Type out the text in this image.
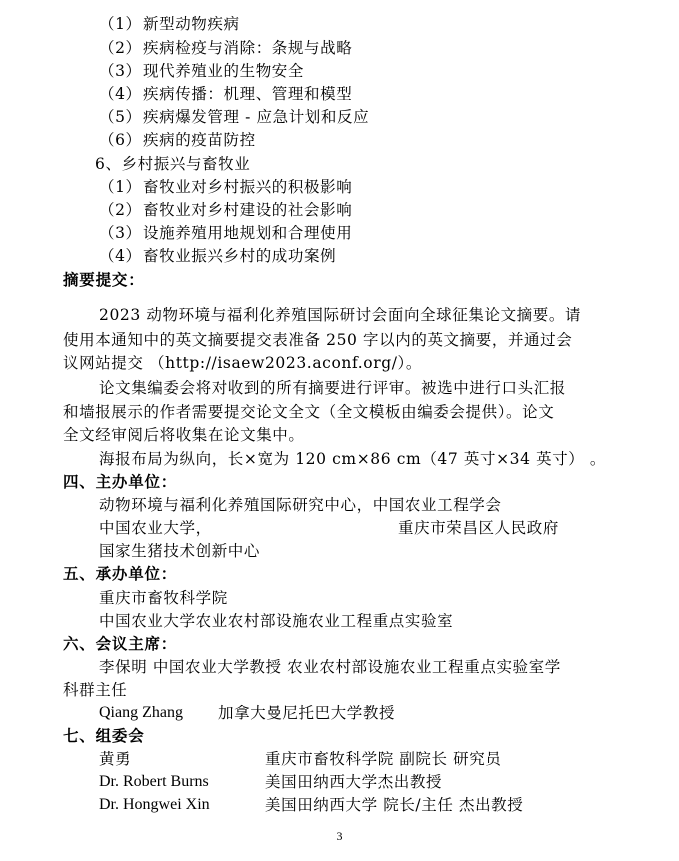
（1）新型动物疾病
（2）疾病检疫与消除：条规与战略
（3）现代养殖业的生物安全
（4）疾病传播：机理、管理和模型
（5）疾病爆发管理 - 应急计划和反应
（6）疾病的疫苗防控
6、乡村振兴与畜牧业
（1）畜牧业对乡村振兴的积极影响
（2）畜牧业对乡村建设的社会影响
（3）设施养殖用地规划和合理使用
（4）畜牧业振兴乡村的成功案例
摘要提交：
2023 动物环境与福利化养殖国际研讨会面向全球征集论文摘要。请
使用本通知中的英文摘要提交表准备 250 字以内的英文摘要，并通过会
议网站提交 （http://isaew2023.aconf.org/）。
论文集编委会将对收到的所有摘要进行评审。被选中进行口头汇报
和墙报展示的作者需要提交论文全文（全文模板由编委会提供）。论文
全文经审阅后将收集在论文集中。
海报布局为纵向，长×宽为 120 cm×86 cm（47 英寸×34 英寸） 。
四、主办单位：
动物环境与福利化养殖国际研究中心，中国农业工程学会
中国农业大学，	重庆市荣昌区人民政府
国家生猪技术创新中心
五、承办单位：
重庆市畜牧科学院
中国农业大学农业农村部设施农业工程重点实验室
六、会议主席：
李保明 中国农业大学教授 农业农村部设施农业工程重点实验室学
科群主任
Qiang Zhang 加拿大曼尼托巴大学教授
七、组委会
黄勇	重庆市畜牧科学院 副院长 研究员
Dr. Robert Burns	美国田纳西大学杰出教授
Dr. Hongwei Xin	美国田纳西大学 院长/主任 杰出教授
3
